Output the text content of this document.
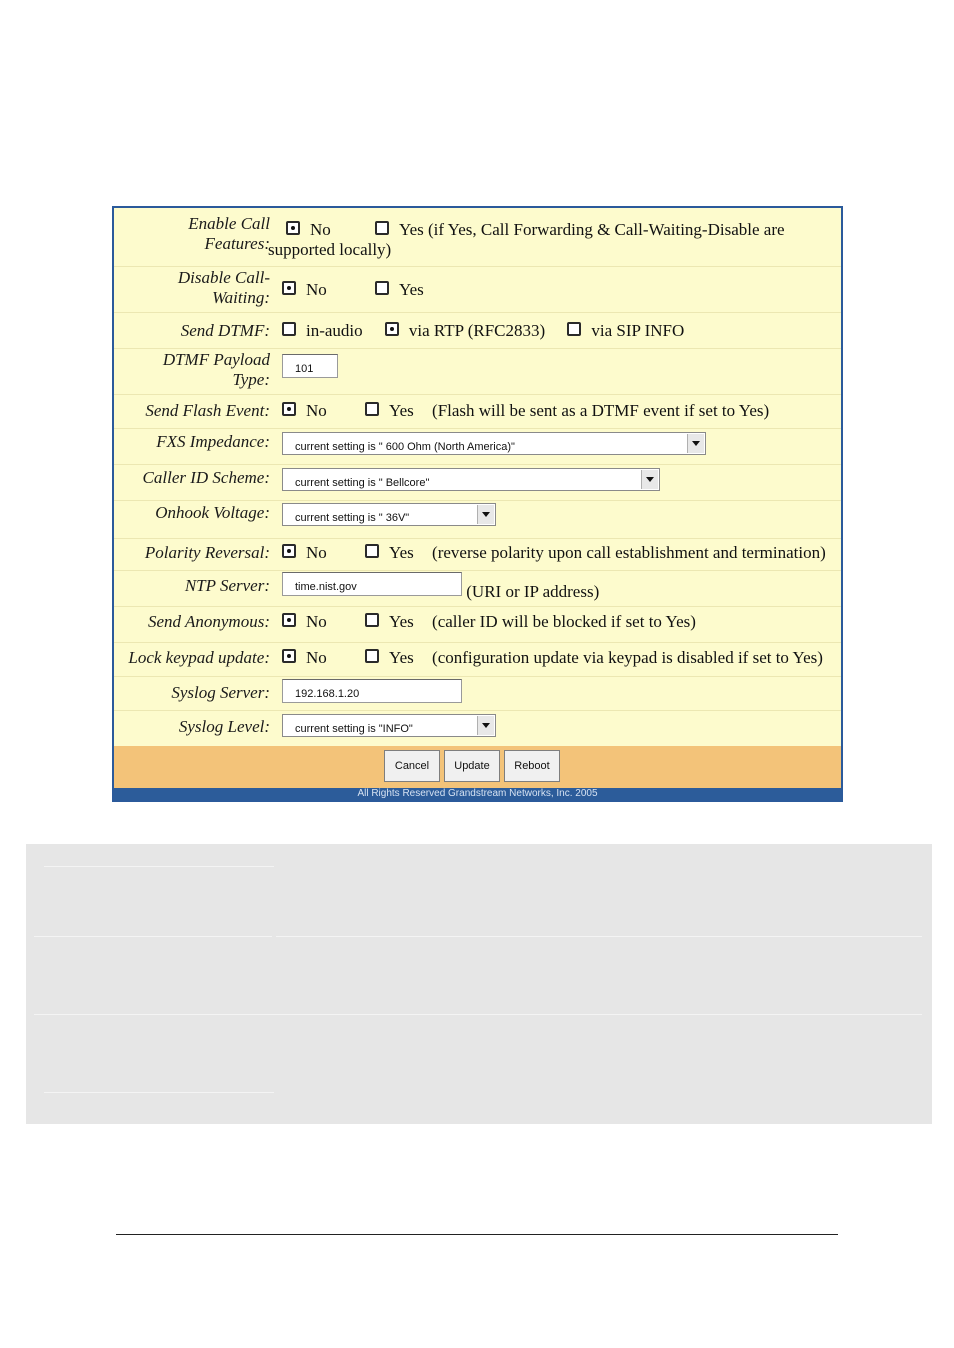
Enable Call
Features:
No	Yes (if Yes, Call Forwarding & Call-Waiting-Disable are
supported locally)
Disable Call-
Waiting:	No	Yes
Send DTMF:	in-audio	via RTP (RFC2833)	via SIP INFO
DTMF Payload
Type:
101
Send Flash Event:	No	Yes (Flash will be sent as a DTMF event if set to Yes)
FXS Impedance:	current setting is " 600 Ohm (North America)"
Caller ID Scheme:	current setting is " Bellcore"
Onhook Voltage:	current setting is " 36V"
Polarity Reversal:	No	Yes (reverse polarity upon call establishment and termination)
NTP Server:	time.nist.gov	(URI or IP address)
Send Anonymous:	No	Yes (caller ID will be blocked if set to Yes)
Lock keypad update:	No	Yes (configuration update via keypad is disabled if set to Yes)
Syslog Server:	192.168.1.20
Syslog Level:	current setting is "INFO"
Cancel	Update	Reboot
All Rights Reserved Grandstream Networks, Inc. 2005
